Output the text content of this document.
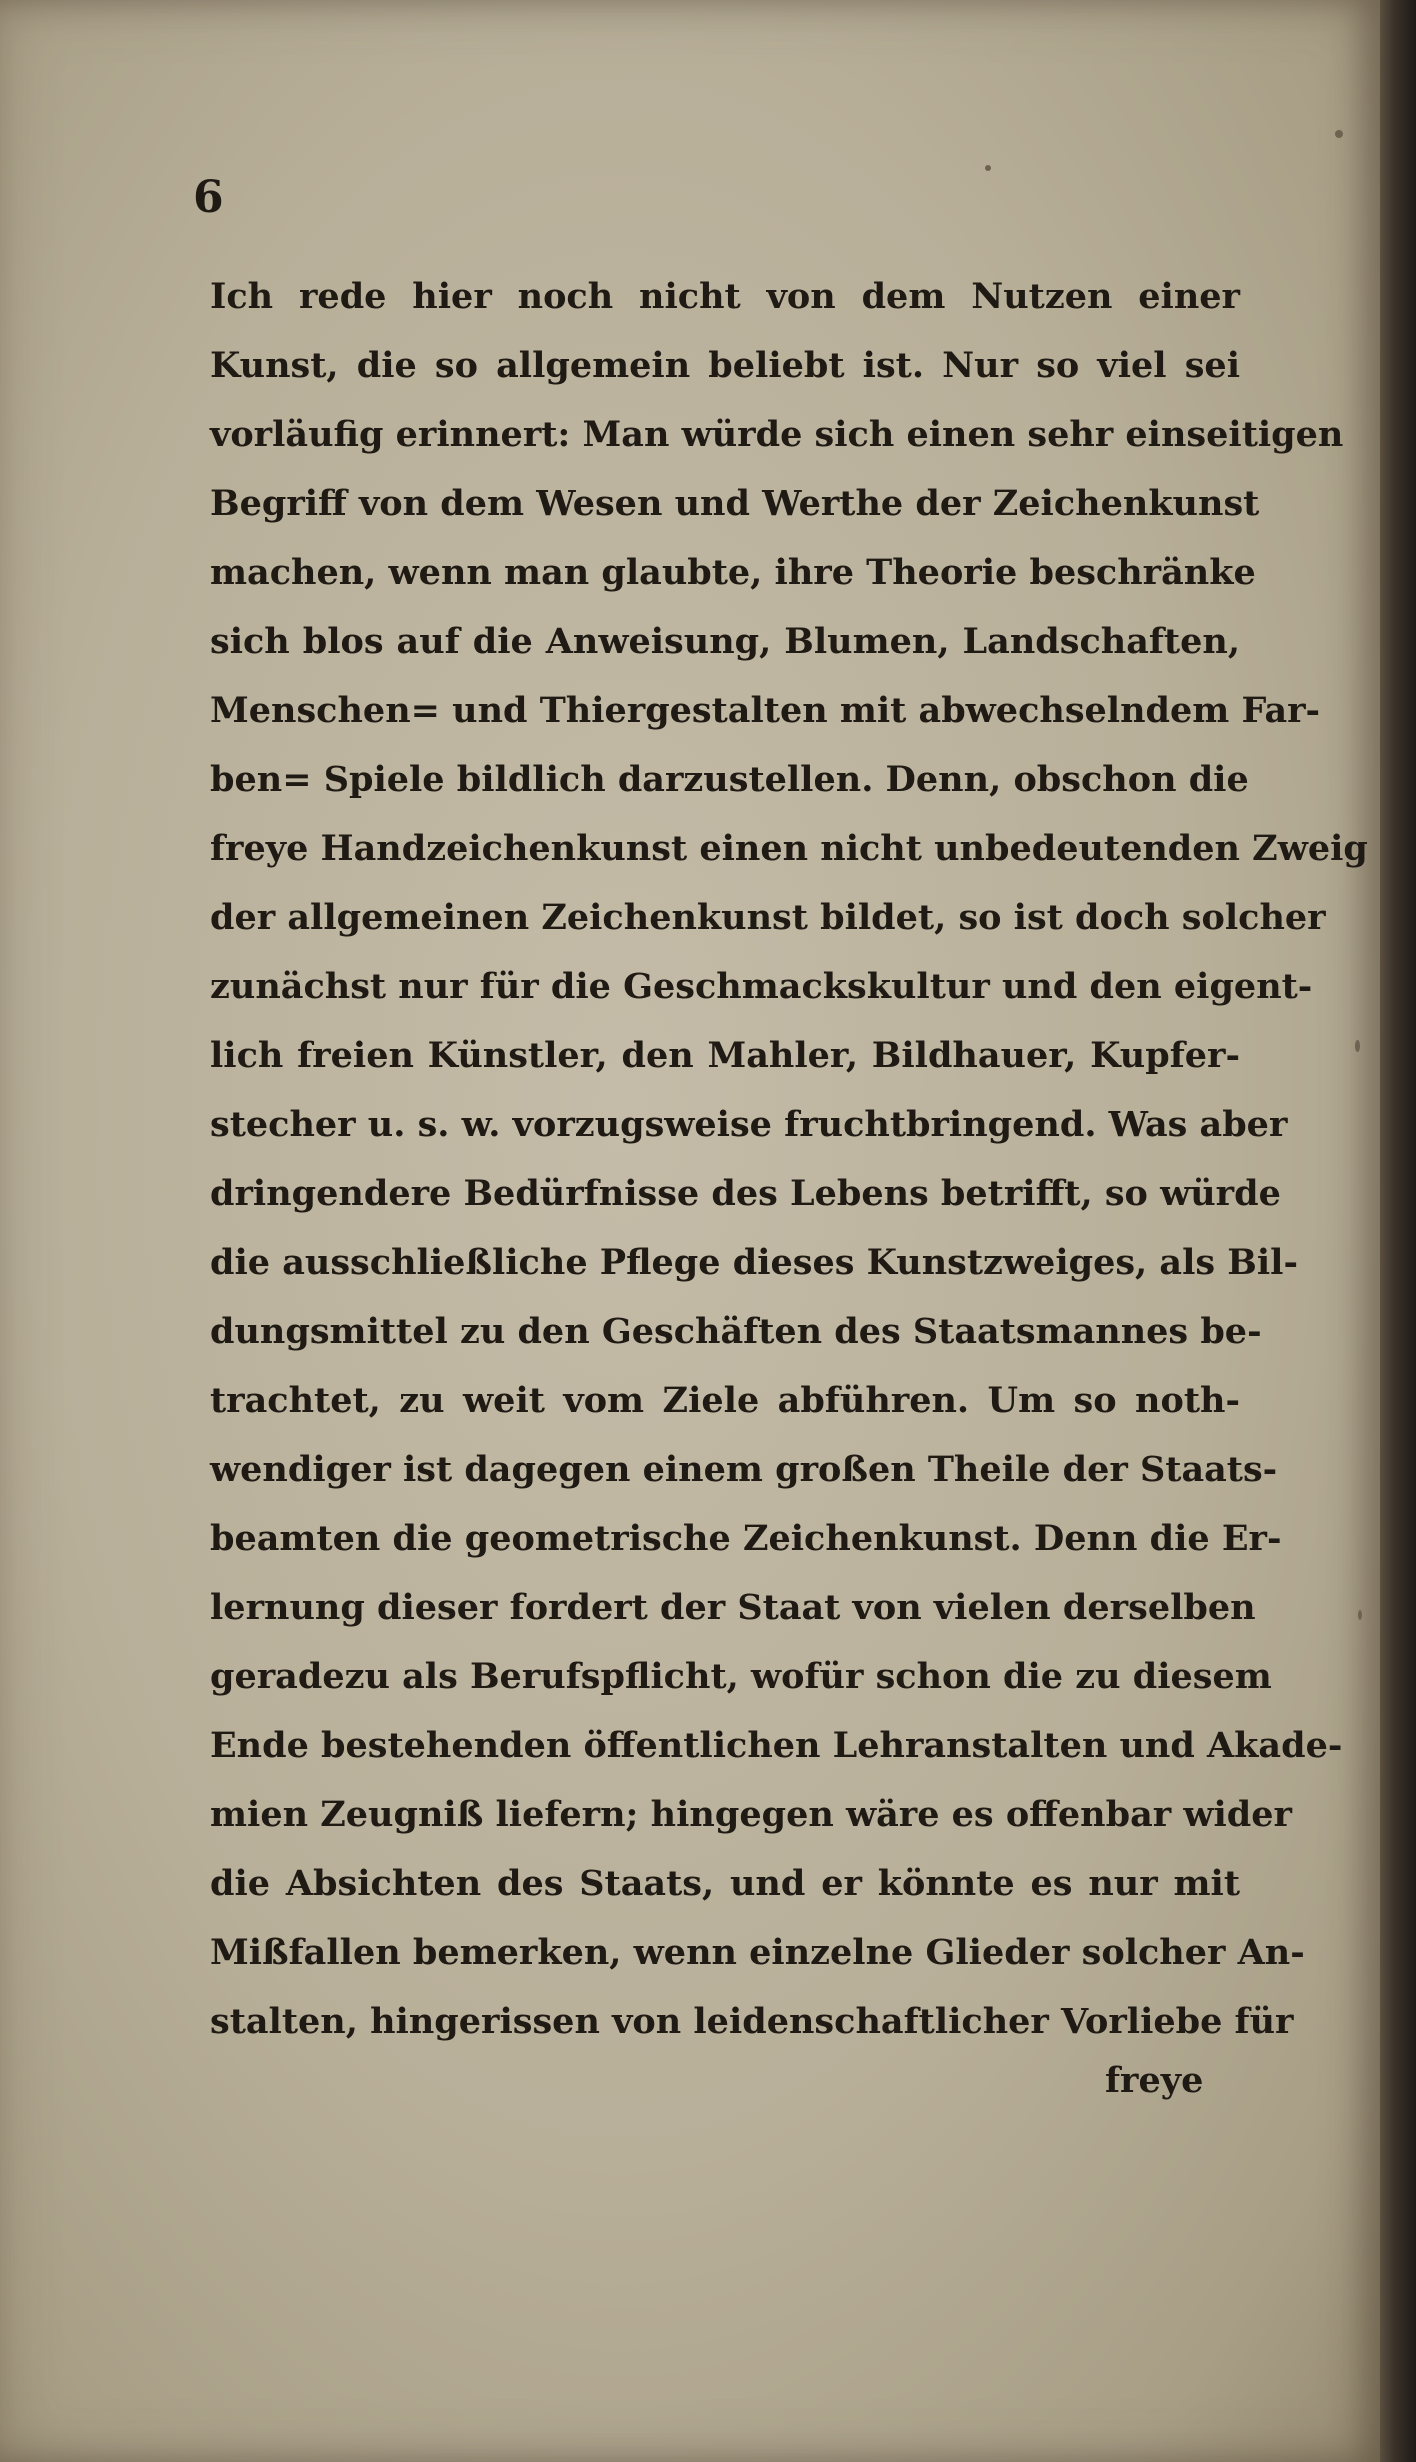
6
Ich rede hier noch nicht von dem Nutzen einer
Kunst, die so allgemein beliebt ist. Nur so viel sei
vorläufig erinnert: Man würde sich einen sehr einseitigen
Begriff von dem Wesen und Werthe der Zeichenkunst
machen, wenn man glaubte, ihre Theorie beschränke
sich blos auf die Anweisung, Blumen, Landschaften,
Menschen= und Thiergestalten mit abwechselndem Far-
ben= Spiele bildlich darzustellen. Denn, obschon die
freye Handzeichenkunst einen nicht unbedeutenden Zweig
der allgemeinen Zeichenkunst bildet, so ist doch solcher
zunächst nur für die Geschmackskultur und den eigent-
lich freien Künstler, den Mahler, Bildhauer, Kupfer-
stecher u. s. w. vorzugsweise fruchtbringend. Was aber
dringendere Bedürfnisse des Lebens betrifft, so würde
die ausschließliche Pflege dieses Kunstzweiges, als Bil-
dungsmittel zu den Geschäften des Staatsmannes be-
trachtet, zu weit vom Ziele abführen. Um so noth-
wendiger ist dagegen einem großen Theile der Staats-
beamten die geometrische Zeichenkunst. Denn die Er-
lernung dieser fordert der Staat von vielen derselben
geradezu als Berufspflicht, wofür schon die zu diesem
Ende bestehenden öffentlichen Lehranstalten und Akade-
mien Zeugniß liefern; hingegen wäre es offenbar wider
die Absichten des Staats, und er könnte es nur mit
Mißfallen bemerken, wenn einzelne Glieder solcher An-
stalten, hingerissen von leidenschaftlicher Vorliebe für
freye
